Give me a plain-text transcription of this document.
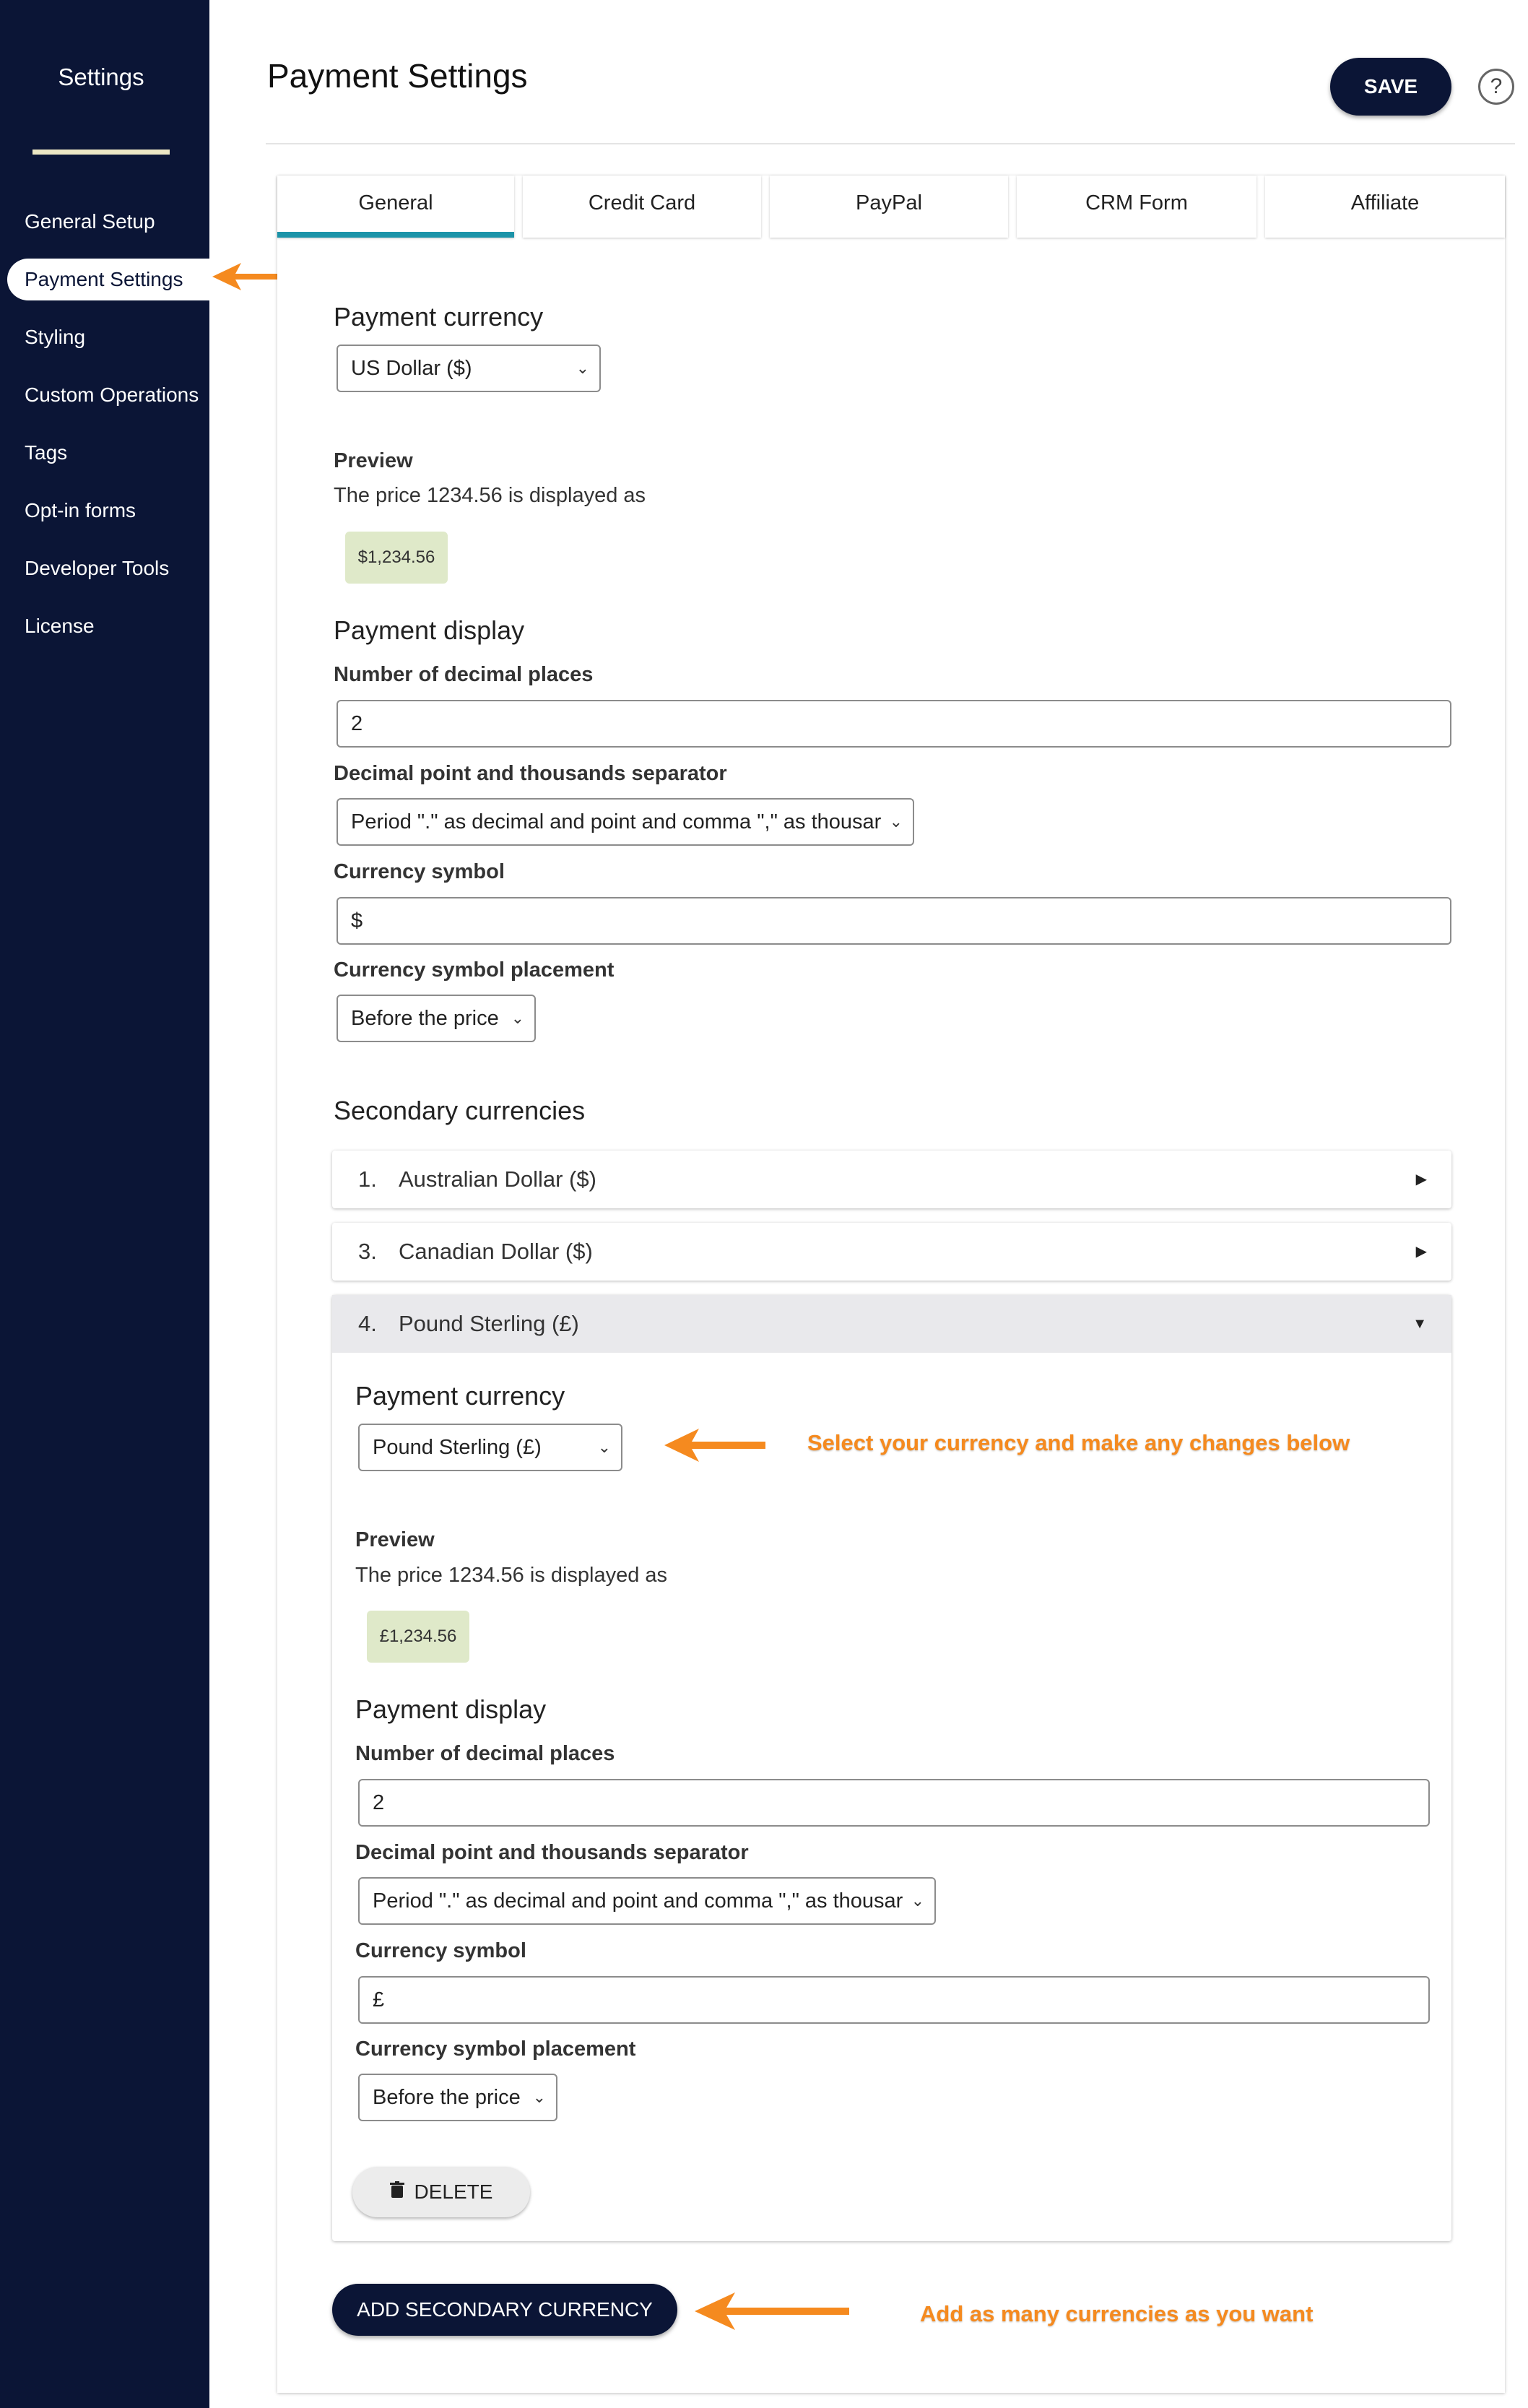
Settings
General Setup
Payment Settings
Styling
Custom Operations
Tags
Opt-in forms
Developer Tools
License
Payment Settings	SAVE	?
General	Credit Card	PayPal	CRM Form	Affiliate
Payment currency
US Dollar ($)	⌄
Preview
The price 1234.56 is displayed as
$1,234.56
Payment display
Number of decimal places
2
Decimal point and thousands separator
Period "." as decimal and point and comma "," as thousar ⌄
Currency symbol
$
Currency symbol placement
Before the price ⌄
Secondary currencies
1. Australian Dollar ($)	▶
3. Canadian Dollar ($)	▶
4. Pound Sterling (£)	▼
Payment currency
Pound Sterling (£)	⌄	Select your currency and make any changes below
Preview
The price 1234.56 is displayed as
£1,234.56
Payment display
Number of decimal places
2
Decimal point and thousands separator
Period "." as decimal and point and comma "," as thousar ⌄
Currency symbol
£
Currency symbol placement
Before the price ⌄
DELETE
ADD SECONDARY CURRENCY	Add as many currencies as you want
